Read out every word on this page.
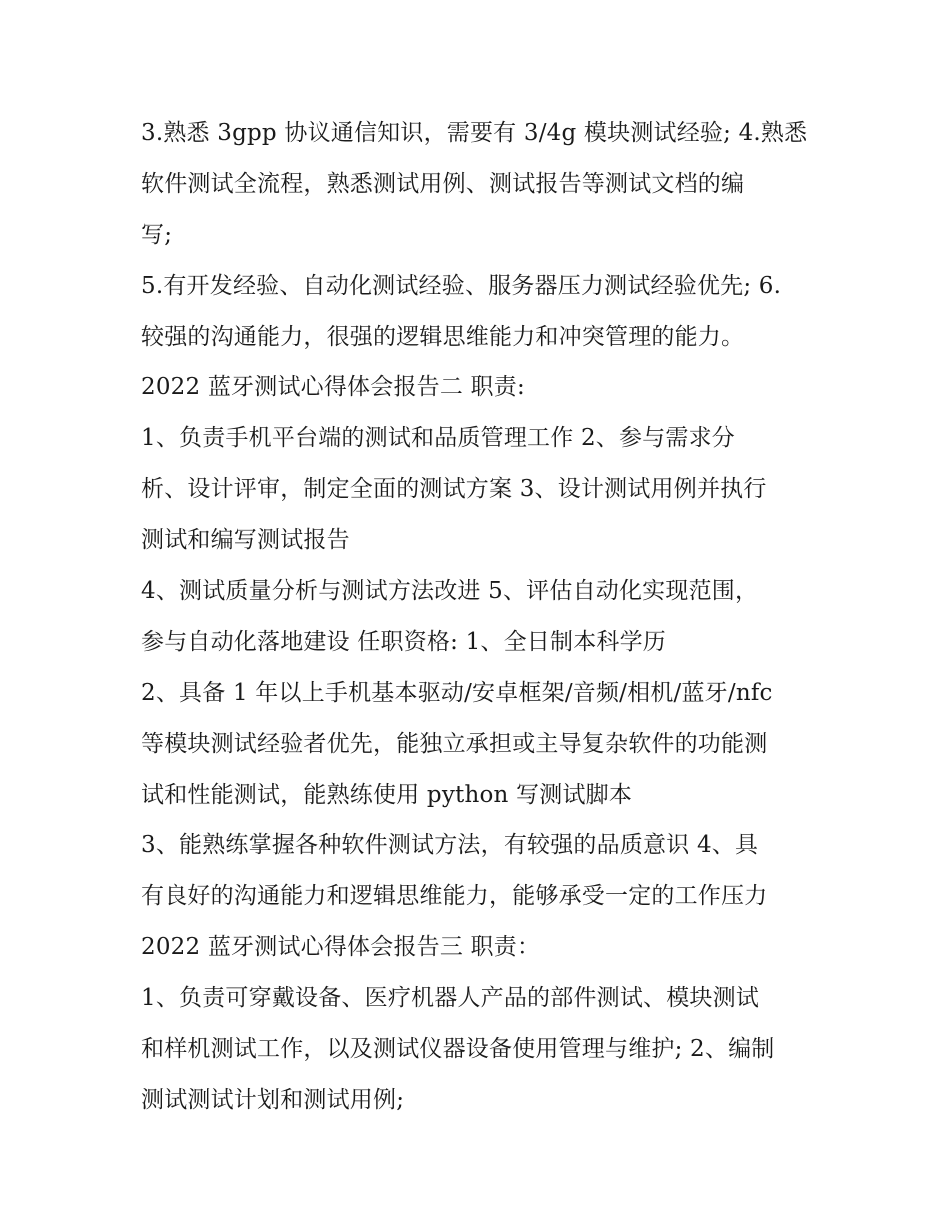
3.熟悉 3gpp 协议通信知识，需要有 3/4g 模块测试经验; 4.熟悉
软件测试全流程，熟悉测试用例、测试报告等测试文档的编
写;
5.有开发经验、自动化测试经验、服务器压力测试经验优先; 6.
较强的沟通能力，很强的逻辑思维能力和冲突管理的能力。
2022 蓝牙测试心得体会报告二 职责:
1、负责手机平台端的测试和品质管理工作 2、参与需求分
析、设计评审，制定全面的测试方案 3、设计测试用例并执行
测试和编写测试报告
4、测试质量分析与测试方法改进 5、评估自动化实现范围，
参与自动化落地建设 任职资格: 1、全日制本科学历
2、具备 1 年以上手机基本驱动/安卓框架/音频/相机/蓝牙/nfc
等模块测试经验者优先，能独立承担或主导复杂软件的功能测
试和性能测试，能熟练使用 python 写测试脚本
3、能熟练掌握各种软件测试方法，有较强的品质意识 4、具
有良好的沟通能力和逻辑思维能力，能够承受一定的工作压力
2022 蓝牙测试心得体会报告三 职责：
1、负责可穿戴设备、医疗机器人产品的部件测试、模块测试
和样机测试工作，以及测试仪器设备使用管理与维护; 2、编制
测试测试计划和测试用例;
